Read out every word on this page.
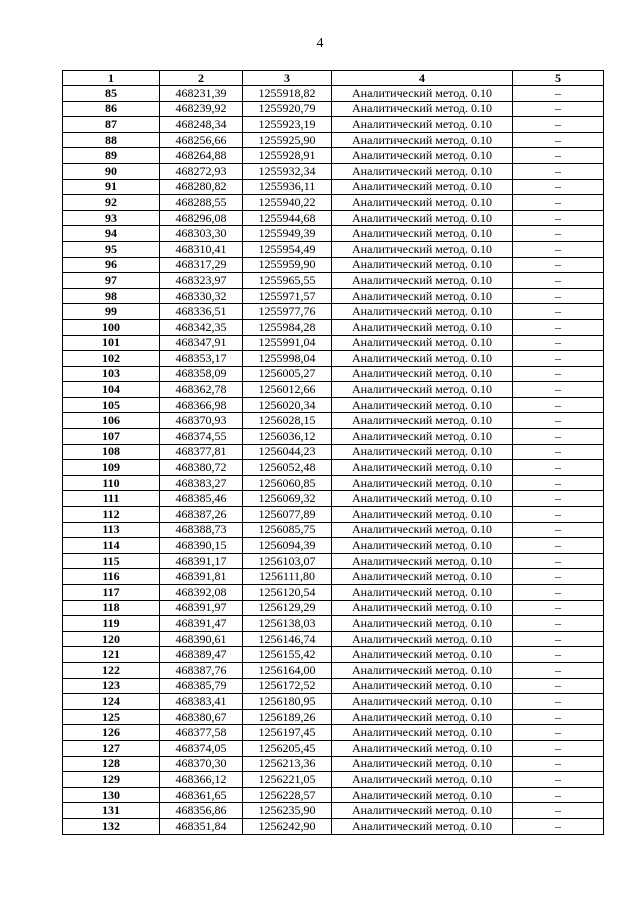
4
1	2	3	4	5
85	468231,39	1255918,82	Аналитический метод. 0.10	–
86	468239,92	1255920,79	Аналитический метод. 0.10	–
87	468248,34	1255923,19	Аналитический метод. 0.10	–
88	468256,66	1255925,90	Аналитический метод. 0.10	–
89	468264,88	1255928,91	Аналитический метод. 0.10	–
90	468272,93	1255932,34	Аналитический метод. 0.10	–
91	468280,82	1255936,11	Аналитический метод. 0.10	–
92	468288,55	1255940,22	Аналитический метод. 0.10	–
93	468296,08	1255944,68	Аналитический метод. 0.10	–
94	468303,30	1255949,39	Аналитический метод. 0.10	–
95	468310,41	1255954,49	Аналитический метод. 0.10	–
96	468317,29	1255959,90	Аналитический метод. 0.10	–
97	468323,97	1255965,55	Аналитический метод. 0.10	–
98	468330,32	1255971,57	Аналитический метод. 0.10	–
99	468336,51	1255977,76	Аналитический метод. 0.10	–
100	468342,35	1255984,28	Аналитический метод. 0.10	–
101	468347,91	1255991,04	Аналитический метод. 0.10	–
102	468353,17	1255998,04	Аналитический метод. 0.10	–
103	468358,09	1256005,27	Аналитический метод. 0.10	–
104	468362,78	1256012,66	Аналитический метод. 0.10	–
105	468366,98	1256020,34	Аналитический метод. 0.10	–
106	468370,93	1256028,15	Аналитический метод. 0.10	–
107	468374,55	1256036,12	Аналитический метод. 0.10	–
108	468377,81	1256044,23	Аналитический метод. 0.10	–
109	468380,72	1256052,48	Аналитический метод. 0.10	–
110	468383,27	1256060,85	Аналитический метод. 0.10	–
111	468385,46	1256069,32	Аналитический метод. 0.10	–
112	468387,26	1256077,89	Аналитический метод. 0.10	–
113	468388,73	1256085,75	Аналитический метод. 0.10	–
114	468390,15	1256094,39	Аналитический метод. 0.10	–
115	468391,17	1256103,07	Аналитический метод. 0.10	–
116	468391,81	1256111,80	Аналитический метод. 0.10	–
117	468392,08	1256120,54	Аналитический метод. 0.10	–
118	468391,97	1256129,29	Аналитический метод. 0.10	–
119	468391,47	1256138,03	Аналитический метод. 0.10	–
120	468390,61	1256146,74	Аналитический метод. 0.10	–
121	468389,47	1256155,42	Аналитический метод. 0.10	–
122	468387,76	1256164,00	Аналитический метод. 0.10	–
123	468385,79	1256172,52	Аналитический метод. 0.10	–
124	468383,41	1256180,95	Аналитический метод. 0.10	–
125	468380,67	1256189,26	Аналитический метод. 0.10	–
126	468377,58	1256197,45	Аналитический метод. 0.10	–
127	468374,05	1256205,45	Аналитический метод. 0.10	–
128	468370,30	1256213,36	Аналитический метод. 0.10	–
129	468366,12	1256221,05	Аналитический метод. 0.10	–
130	468361,65	1256228,57	Аналитический метод. 0.10	–
131	468356,86	1256235,90	Аналитический метод. 0.10	–
132	468351,84	1256242,90	Аналитический метод. 0.10	–
